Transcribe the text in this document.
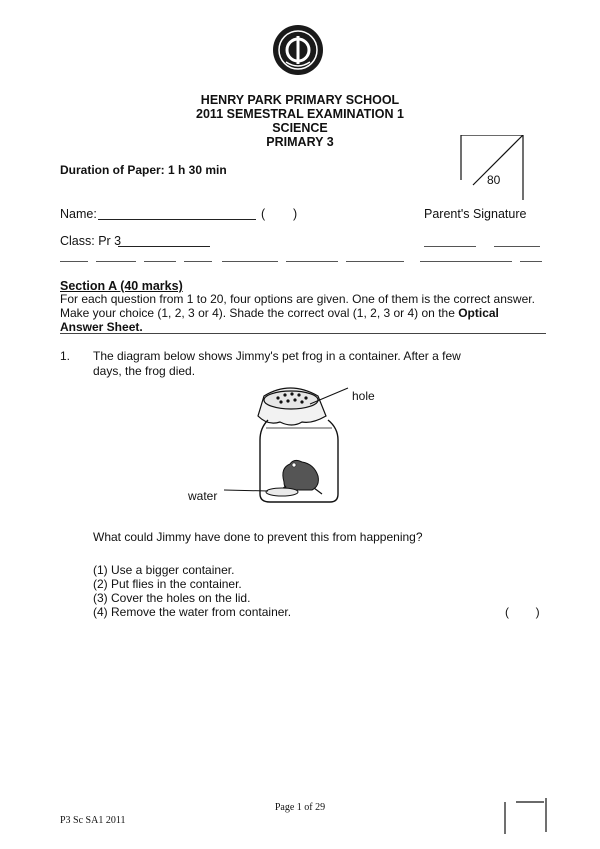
HENRY PARK PRIMARY SCHOOL
2011 SEMESTRAL EXAMINATION 1
SCIENCE
PRIMARY 3
Duration of Paper: 1 h 30 min
80
Name:	(        )	Parent's Signature
Class: Pr 3
Section A (40 marks)
For each question from 1 to 20, four options are given. One of them is the correct answer.
Make your choice (1, 2, 3 or 4). Shade the correct oval (1, 2, 3 or 4) on the Optical
Answer Sheet.
1. The diagram below shows Jimmy's pet frog in a container. After a few
days, the frog died.
hole
water
What could Jimmy have done to prevent this from happening?
(1) Use a bigger container.
(2) Put flies in the container.
(3) Cover the holes on the lid.
(4) Remove the water from container.	(        )
Page 1 of 29
P3 Sc SA1 2011
